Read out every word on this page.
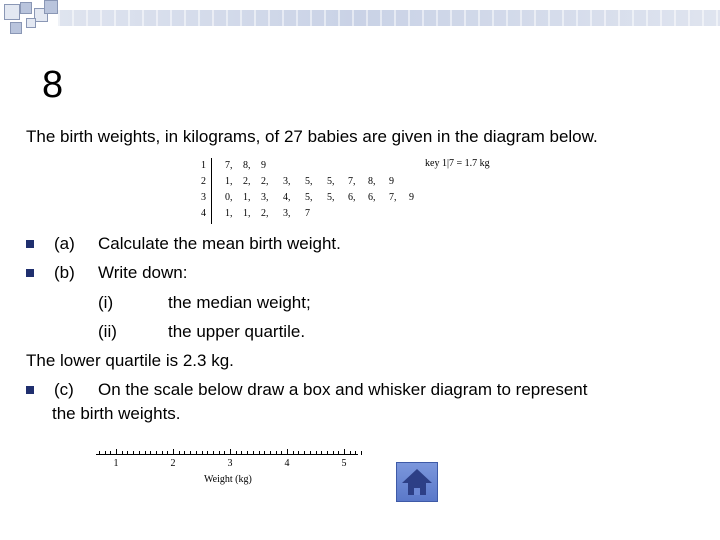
8

The birth weights, in kilograms, of 27 babies are given in the diagram below.

1 7, 8, 9
2 1, 2, 2, 3, 5, 5, 7, 8, 9
3 0, 1, 3, 4, 5, 5, 6, 6, 7, 9
4 1, 1, 2, 3, 7
key 1|7 = 1.7 kg
(a) Calculate the mean birth weight.
(b) Write down:
(i)	the median weight;
(ii)	the upper quartile.
The lower quartile is 2.3 kg.
(c) On the scale below draw a box and whisker diagram to represent
the birth weights.
1	2	3	4	5
Weight (kg)
